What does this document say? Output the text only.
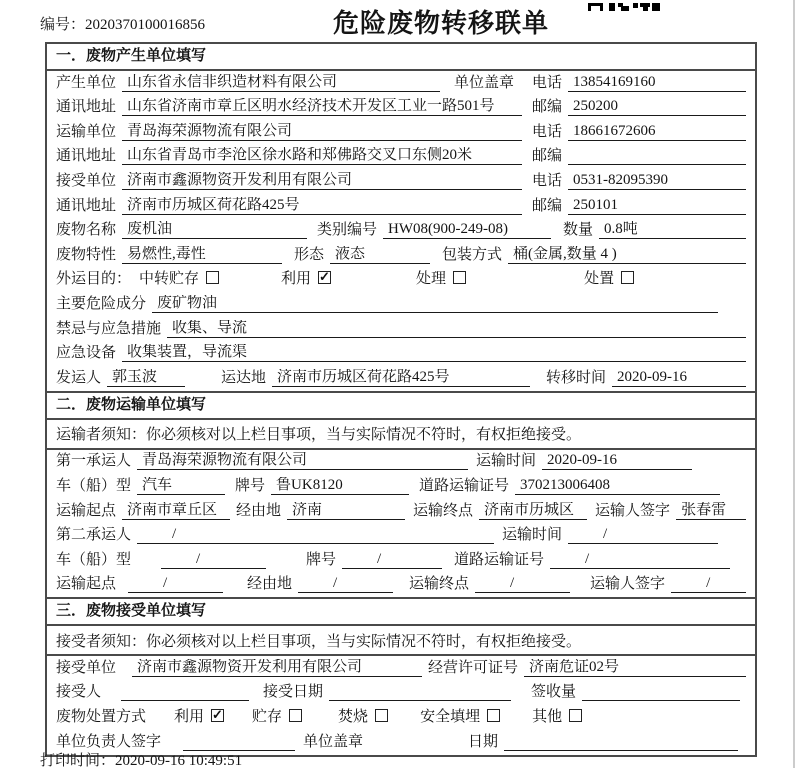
编号：2020370100016856	危险废物转移联单
一．废物产生单位填写
产生单位 山东省永信非织造材料有限公司	单位盖章 电话 13854169160
通讯地址 山东省济南市章丘区明水经济技术开发区工业一路501号	邮编 250200
运输单位 青岛海荣源物流有限公司	电话 18661672606
通讯地址 山东省青岛市李沧区徐水路和郑佛路交叉口东侧20米	邮编
接受单位 济南市鑫源物资开发利用有限公司	电话 0531-82095390
通讯地址 济南市历城区荷花路425号	邮编 250101
废物名称 废机油	类别编号 HW08(900-249-08)	数量 0.8吨
废物特性 易燃性,毒性	形态 液态	包装方式 桶(金属,数量 4 )
外运目的： 中转贮存	利用 ✓	处理	处置
主要危险成分 废矿物油
禁忌与应急措施 收集、导流
应急设备 收集装置，导流渠
发运人 郭玉波	运达地 济南市历城区荷花路425号	转移时间 2020-09-16
二．废物运输单位填写
运输者须知：你必须核对以上栏目事项，当与实际情况不符时，有权拒绝接受。
第一承运人 青岛海荣源物流有限公司	运输时间 2020-09-16
车（船）型 汽车	牌号 鲁UK8120	道路运输证号 370213006408
运输起点 济南市章丘区	经由地 济南	运输终点 济南市历城区	运输人签字 张春雷
第二承运人	/	运输时间	/
车（船）型	/	牌号	/	道路运输证号	/
运输起点	/	经由地	/	运输终点	/	运输人签字	/
三．废物接受单位填写
接受者须知：你必须核对以上栏目事项，当与实际情况不符时，有权拒绝接受。
接受单位	济南市鑫源物资开发利用有限公司	经营许可证号 济南危证02号
接受人	接受日期	签收量
废物处置方式 利用 ✓	贮存	焚烧	安全填埋	其他
单位负责人签字	单位盖章	日期
打印时间：2020-09-16 10:49:51
